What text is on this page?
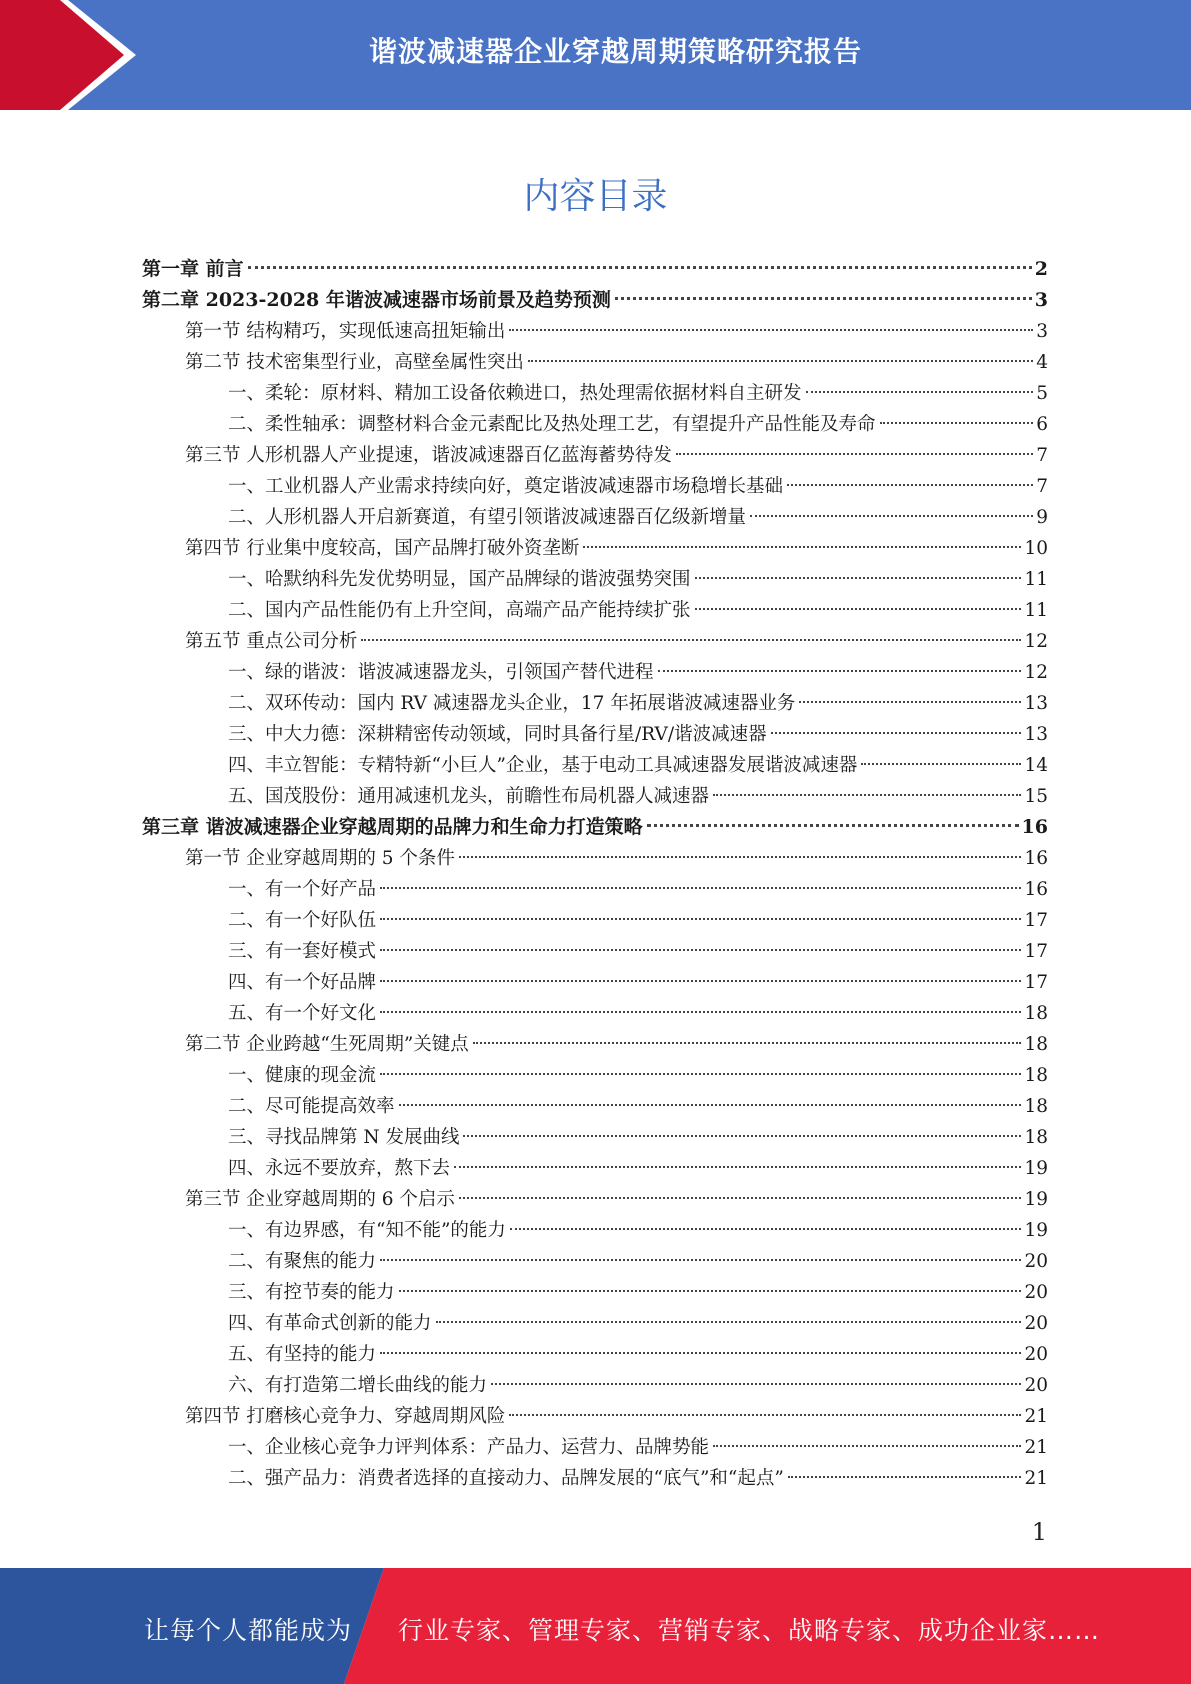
谐波减速器企业穿越周期策略研究报告
内容目录
第一章 前言	2
第二章 2023-2028 年谐波减速器市场前景及趋势预测	3
第一节 结构精巧，实现低速高扭矩输出	3
第二节 技术密集型行业，高壁垒属性突出	4
一、柔轮：原材料、精加工设备依赖进口，热处理需依据材料自主研发	5
二、柔性轴承：调整材料合金元素配比及热处理工艺，有望提升产品性能及寿命	6
第三节 人形机器人产业提速，谐波减速器百亿蓝海蓄势待发	7
一、工业机器人产业需求持续向好，奠定谐波减速器市场稳增长基础	7
二、人形机器人开启新赛道，有望引领谐波减速器百亿级新增量	9
第四节 行业集中度较高，国产品牌打破外资垄断	10
一、哈默纳科先发优势明显，国产品牌绿的谐波强势突围	11
二、国内产品性能仍有上升空间，高端产品产能持续扩张	11
第五节 重点公司分析	12
一、绿的谐波：谐波减速器龙头，引领国产替代进程	12
二、双环传动：国内 RV 减速器龙头企业，17 年拓展谐波减速器业务	13
三、中大力德：深耕精密传动领域，同时具备行星/RV/谐波减速器	13
四、丰立智能：专精特新“小巨人”企业，基于电动工具减速器发展谐波减速器	14
五、国茂股份：通用减速机龙头，前瞻性布局机器人减速器	15
第三章 谐波减速器企业穿越周期的品牌力和生命力打造策略	16
第一节 企业穿越周期的 5 个条件	16
一、有一个好产品	16
二、有一个好队伍	17
三、有一套好模式	17
四、有一个好品牌	17
五、有一个好文化	18
第二节 企业跨越“生死周期”关键点	18
一、健康的现金流	18
二、尽可能提高效率	18
三、寻找品牌第 N 发展曲线	18
四、永远不要放弃，熬下去	19
第三节 企业穿越周期的 6 个启示	19
一、有边界感，有“知不能”的能力	19
二、有聚焦的能力	20
三、有控节奏的能力	20
四、有革命式创新的能力	20
五、有坚持的能力	20
六、有打造第二增长曲线的能力	20
第四节 打磨核心竞争力、穿越周期风险	21
一、企业核心竞争力评判体系：产品力、运营力、品牌势能	21
二、强产品力：消费者选择的直接动力、品牌发展的“底气”和“起点”	21
1
让每个人都能成为 行业专家、管理专家、营销专家、战略专家、成功企业家……
